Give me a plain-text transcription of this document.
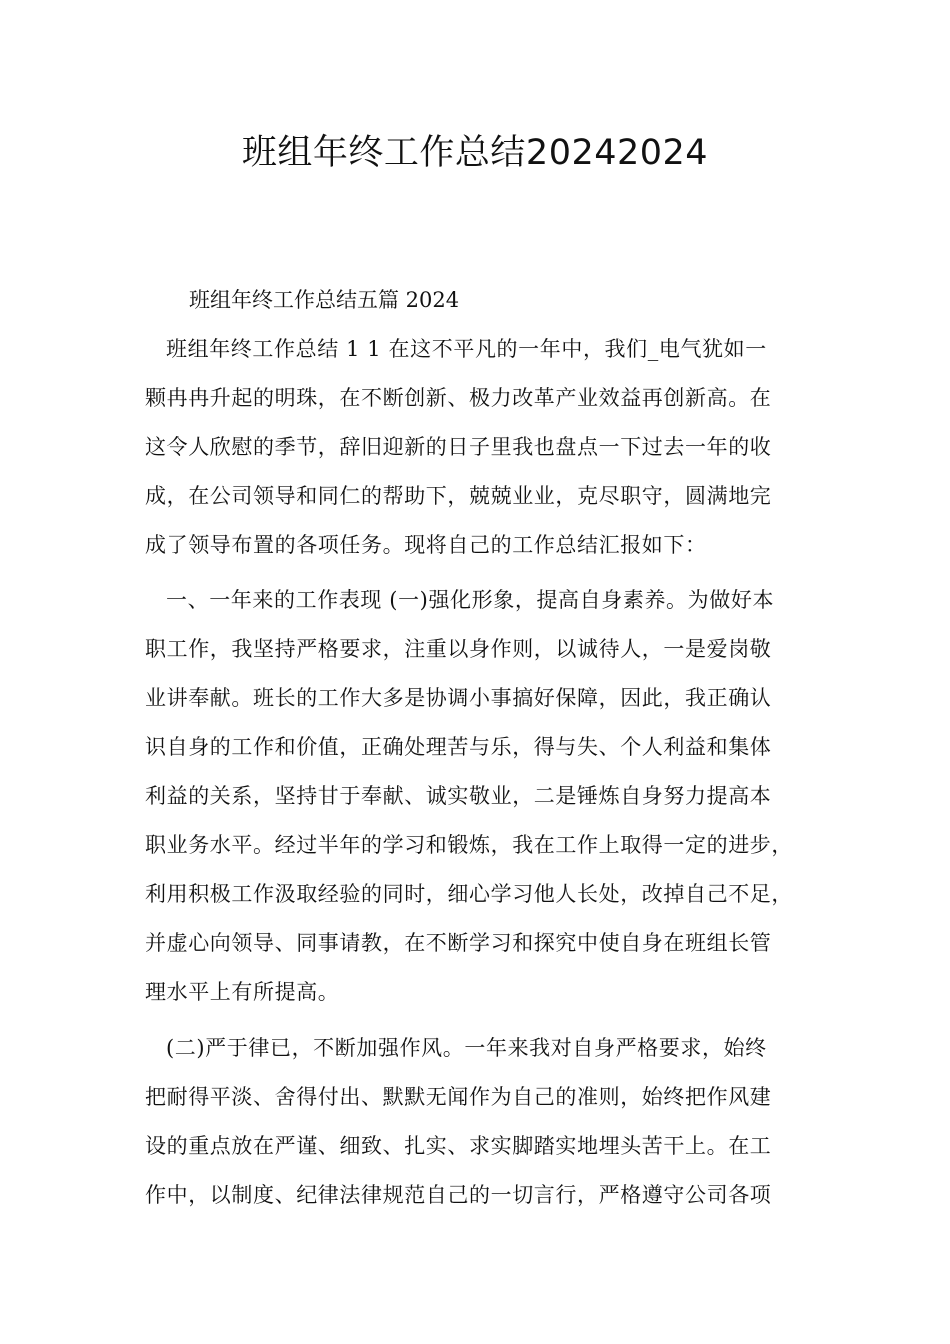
班组年终工作总结20242024

班组年终工作总结五篇 2024

班组年终工作总结 1 1 在这不平凡的一年中，我们_电气犹如一
颗冉冉升起的明珠，在不断创新、极力改革产业效益再创新高。在
这令人欣慰的季节，辞旧迎新的日子里我也盘点一下过去一年的收
成，在公司领导和同仁的帮助下，兢兢业业，克尽职守，圆满地完
成了领导布置的各项任务。现将自己的工作总结汇报如下：
一、一年来的工作表现 (一)强化形象，提高自身素养。为做好本
职工作，我坚持严格要求，注重以身作则，以诚待人，一是爱岗敬
业讲奉献。班长的工作大多是协调小事搞好保障，因此，我正确认
识自身的工作和价值，正确处理苦与乐，得与失、个人利益和集体
利益的关系，坚持甘于奉献、诚实敬业，二是锤炼自身努力提高本
职业务水平。经过半年的学习和锻炼，我在工作上取得一定的进步，
利用积极工作汲取经验的同时，细心学习他人长处，改掉自己不足，
并虚心向领导、同事请教，在不断学习和探究中使自身在班组长管
理水平上有所提高。
(二)严于律已，不断加强作风。一年来我对自身严格要求，始终
把耐得平淡、舍得付出、默默无闻作为自己的准则，始终把作风建
设的重点放在严谨、细致、扎实、求实脚踏实地埋头苦干上。在工
作中，以制度、纪律法律规范自己的一切言行，严格遵守公司各项
